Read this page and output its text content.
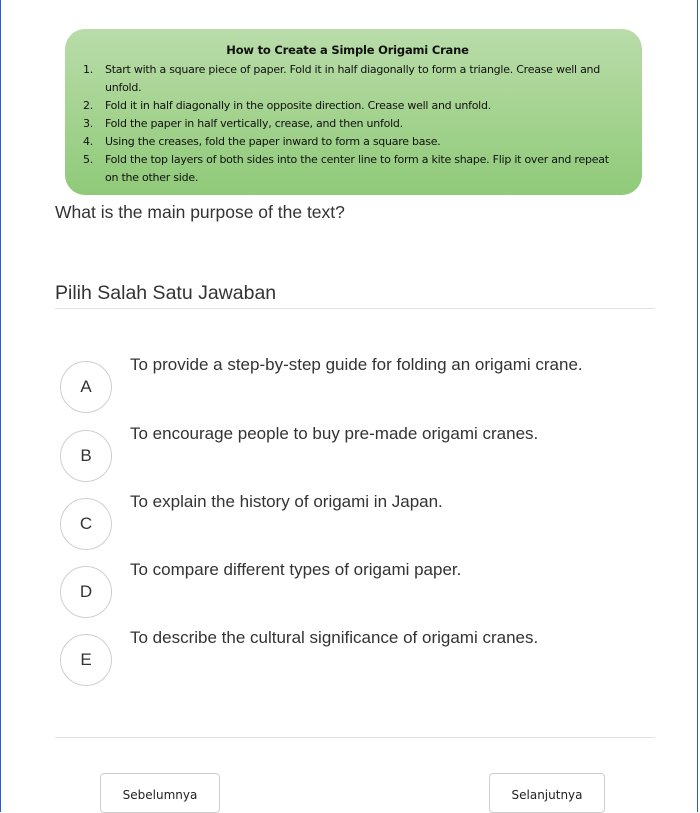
How to Create a Simple Origami Crane
1.	Start with a square piece of paper. Fold it in half diagonally to form a triangle. Crease well and unfold.
2.	Fold it in half diagonally in the opposite direction. Crease well and unfold.
3.	Fold the paper in half vertically, crease, and then unfold.
4.	Using the creases, fold the paper inward to form a square base.
5.	Fold the top layers of both sides into the center line to form a kite shape. Flip it over and repeat on the other side.
What is the main purpose of the text?
Pilih Salah Satu Jawaban
A
To provide a step-by-step guide for folding an origami crane.
B
To encourage people to buy pre-made origami cranes.
C
To explain the history of origami in Japan.
D
To compare different types of origami paper.
E
To describe the cultural significance of origami cranes.
Sebelumnya	Selanjutnya
